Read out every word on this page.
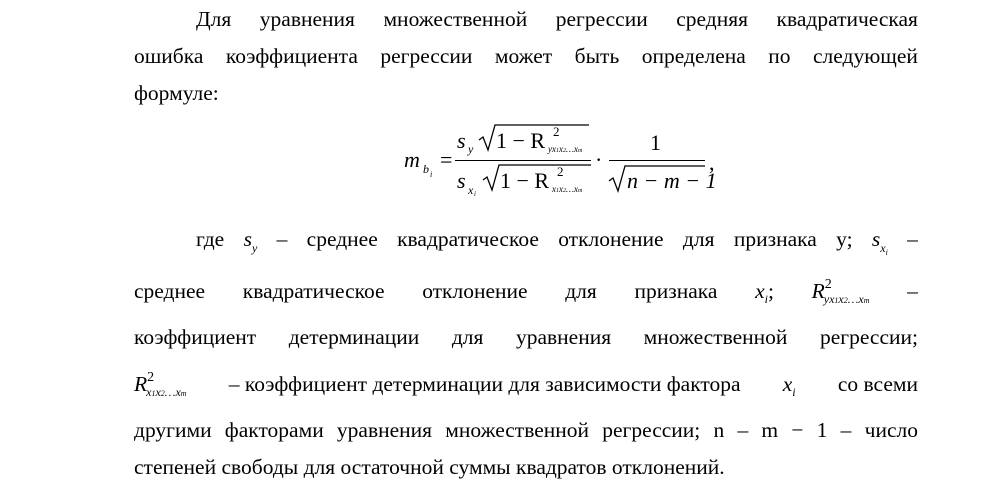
Для уравнения множественной регрессии средняя квадратическая
ошибка коэффициента регрессии может быть определена по следующей
формуле:
m b i
=
s y 1 − R 2
yx1x2…xm
s x i
1 − R 2
x1x2…xm
·
1
n − m − 1
,
где $s_y$ – среднее квадратическое отклонение для признака у; $s_{xi}$
–
среднее квадратическое отклонение для признака $x_i$; $R^2_{yx1x2\dots xm}$ –
коэффициент детерминации для уравнения множественной регрессии;
$R^2_{x1x2\dots xm}$ – коэффициент детерминации для зависимости фактора $x_i$ со всеми
другими факторами уравнения множественной регрессии; n – m − 1 – число
степеней свободы для остаточной суммы квадратов отклонений.
